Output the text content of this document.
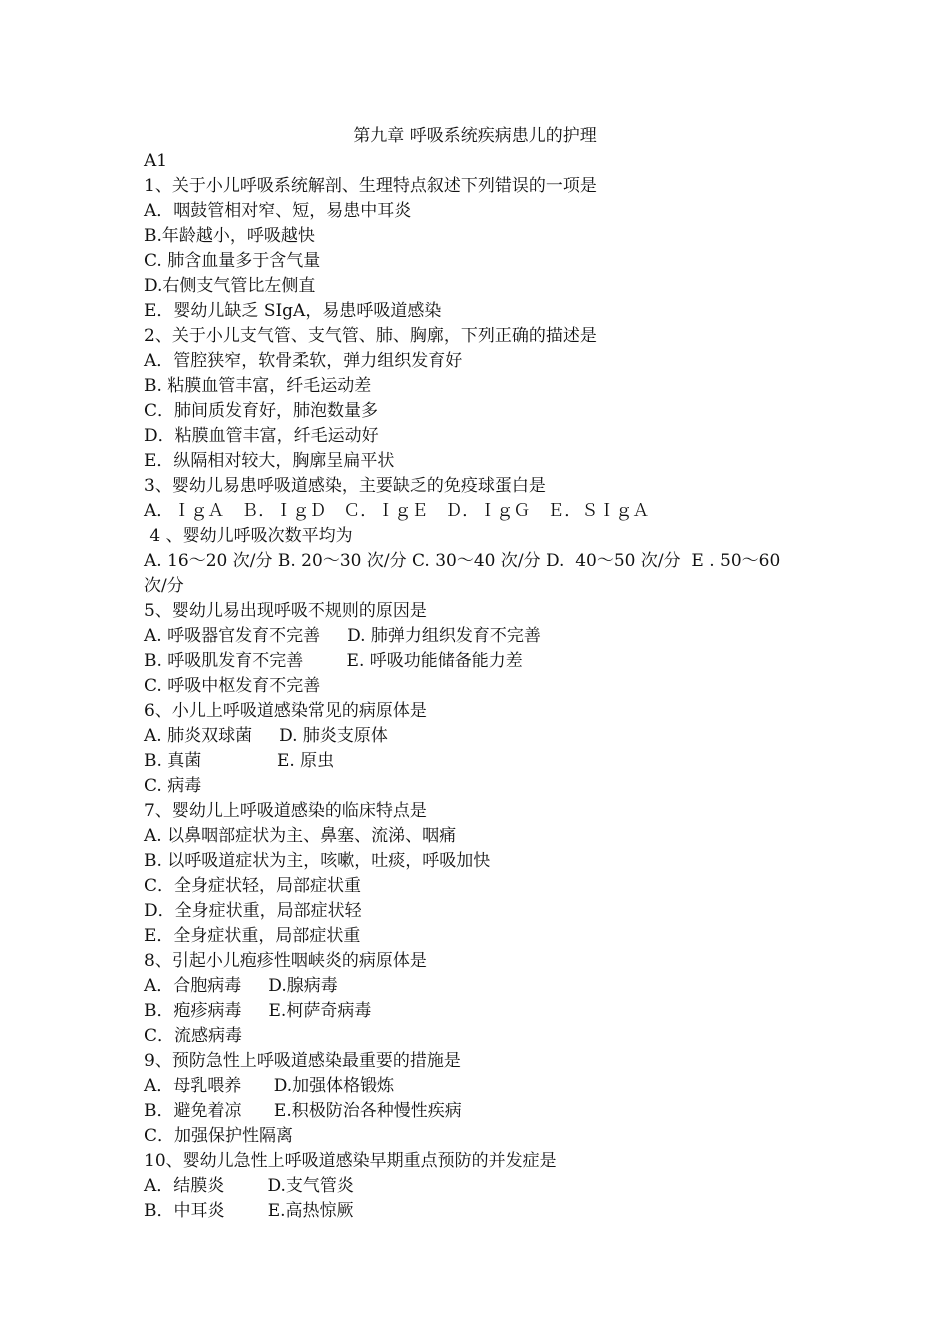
第九章 呼吸系统疾病患儿的护理
A1
1、关于小儿呼吸系统解剖、生理特点叙述下列错误的一项是
A．咽鼓管相对窄、短，易患中耳炎
B.年龄越小，呼吸越快
C. 肺含血量多于含气量
D.右侧支气管比左侧直
E．婴幼儿缺乏 SIgA，易患呼吸道感染
2、关于小儿支气管、支气管、肺、胸廓，下列正确的描述是
A．管腔狭窄，软骨柔软，弹力组织发育好
B. 粘膜血管丰富，纤毛运动差
C．肺间质发育好，肺泡数量多
D．粘膜血管丰富，纤毛运动好
E．纵隔相对较大，胸廓呈扁平状
3、婴幼儿易患呼吸道感染，主要缺乏的免疫球蛋白是
A．ＩｇＡ　Ｂ．ＩｇＤ　Ｃ．ＩｇＥ　Ｄ．ＩｇＧ　Ｅ．ＳＩｇＡ
4 、婴幼儿呼吸次数平均为
A. 16～20 次/分 B. 20～30 次/分 C. 30～40 次/分 D.  40～50 次/分  E . 50～60
次/分
5、婴幼儿易出现呼吸不规则的原因是
A. 呼吸器官发育不完善     D. 肺弹力组织发育不完善
B. 呼吸肌发育不完善        E. 呼吸功能储备能力差
C. 呼吸中枢发育不完善
6、小儿上呼吸道感染常见的病原体是
A. 肺炎双球菌     D. 肺炎支原体
B. 真菌              E. 原虫
C. 病毒
7、婴幼儿上呼吸道感染的临床特点是
A. 以鼻咽部症状为主、鼻塞、流涕、咽痛
B. 以呼吸道症状为主，咳嗽，吐痰，呼吸加快
C．全身症状轻，局部症状重
D．全身症状重，局部症状轻
E．全身症状重，局部症状重
8、引起小儿疱疹性咽峡炎的病原体是
A．合胞病毒     D.腺病毒
B．疱疹病毒     E.柯萨奇病毒
C．流感病毒
9、预防急性上呼吸道感染最重要的措施是
A．母乳喂养      D.加强体格锻炼
B．避免着凉      E.积极防治各种慢性疾病
C．加强保护性隔离
10、婴幼儿急性上呼吸道感染早期重点预防的并发症是
A．结膜炎        D.支气管炎
B．中耳炎        E.高热惊厥
